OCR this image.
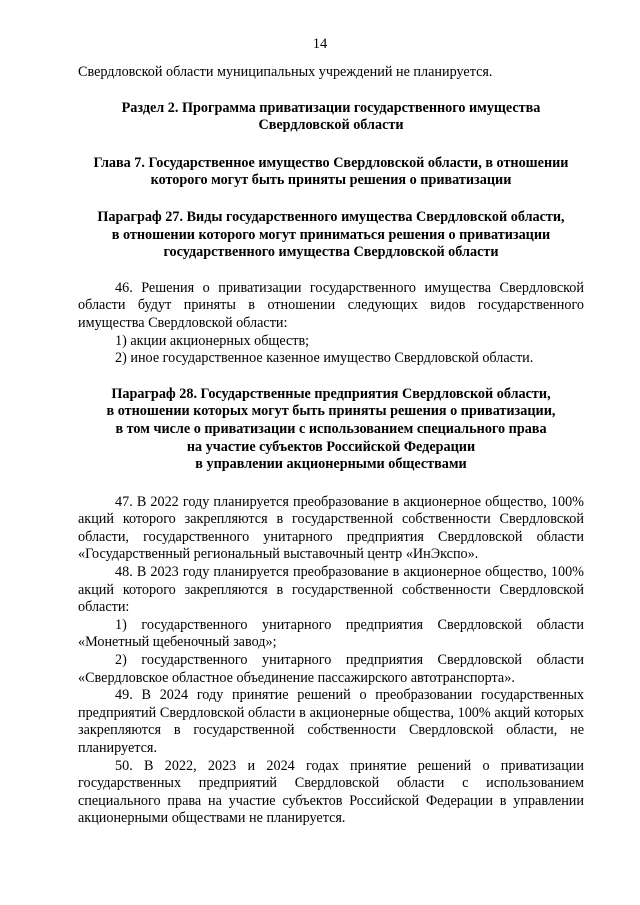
14

Свердловской области муниципальных учреждений не планируется.

Раздел 2. Программа приватизации государственного имущества
Свердловской области
Глава 7. Государственное имущество Свердловской области, в отношении
которого могут быть приняты решения о приватизации
Параграф 27. Виды государственного имущества Свердловской области,
в отношении которого могут приниматься решения о приватизации
государственного имущества Свердловской области

46. Решения о приватизации государственного имущества Свердловской области будут приняты в отношении следующих видов государственного имущества Свердловской области:

1) акции акционерных обществ;

2) иное государственное казенное имущество Свердловской области.

Параграф 28. Государственные предприятия Свердловской области,
в отношении которых могут быть приняты решения о приватизации,
в том числе о приватизации с использованием специального права
на участие субъектов Российской Федерации
в управлении акционерными обществами

47. В 2022 году планируется преобразование в акционерное общество, 100% акций которого закрепляются в государственной собственности Свердловской области, государственного унитарного предприятия Свердловской области «Государственный региональный выставочный центр «ИнЭкспо».

48. В 2023 году планируется преобразование в акционерное общество, 100% акций которого закрепляются в государственной собственности Свердловской области:

1) государственного унитарного предприятия Свердловской области

«Монетный щебеночный завод»;

2) государственного унитарного предприятия Свердловской области

«Свердловское областное объединение пассажирского автотранспорта».

49. В 2024 году принятие решений о преобразовании государственных предприятий Свердловской области в акционерные общества, 100% акций которых закрепляются в государственной собственности Свердловской области, не планируется.

50. В 2022, 2023 и 2024 годах принятие решений о приватизации государственных предприятий Свердловской области с использованием специального права на участие субъектов Российской Федерации в управлении акционерными обществами не планируется.
